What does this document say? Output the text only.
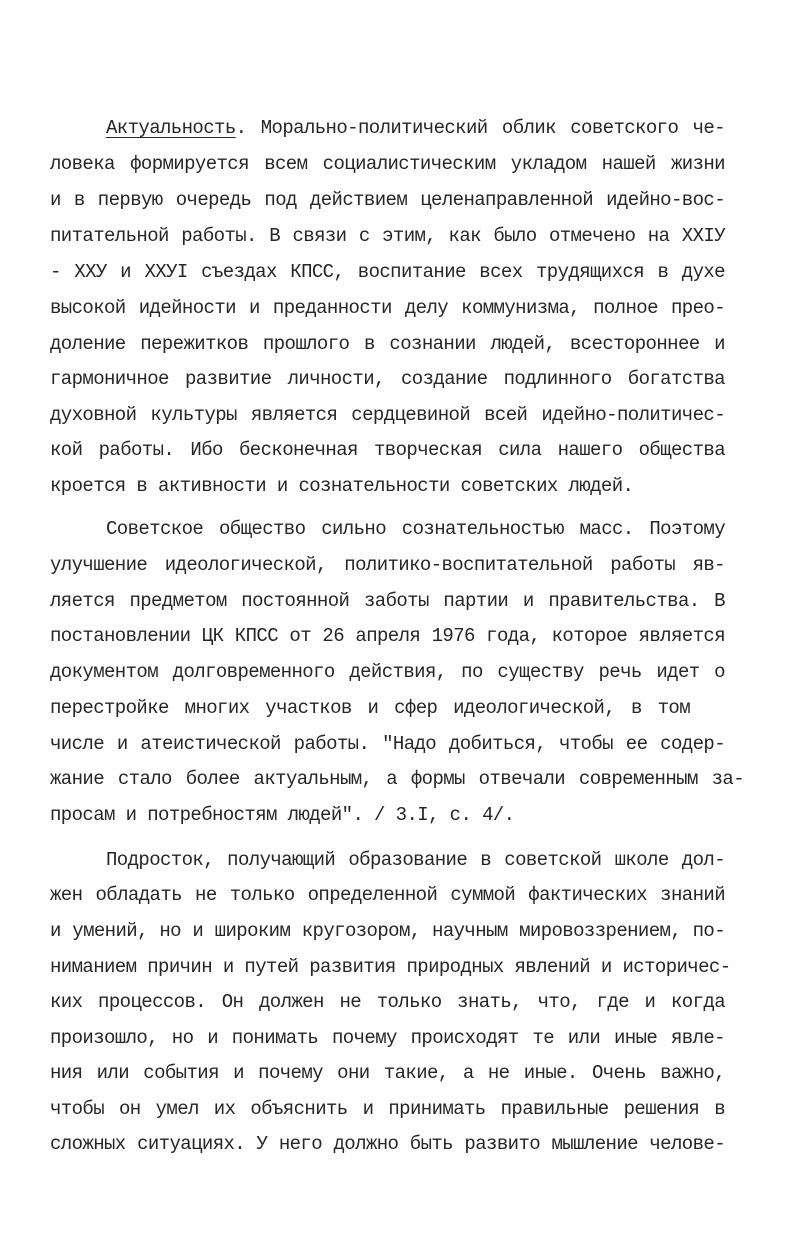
Актуальность. Морально-политический облик советского че-
ловека формируется всем социалистическим укладом нашей жизни
и в первую очередь под действием целенаправленной идейно-вос-
питательной работы. В связи с этим, как было отмечено на XXIУ
- XXУ и XXУI съездах КПСС, воспитание всех трудящихся в духе
высокой идейности и преданности делу коммунизма, полное прео-
доление пережитков прошлого в сознании людей, всестороннее и
гармоничное развитие личности, создание подлинного богатства
духовной культуры является сердцевиной всей идейно-политичес-
кой работы. Ибо бесконечная творческая сила нашего общества
кроется в активности и сознательности советских людей.
Советское общество сильно сознательностью масс. Поэтому
улучшение идеологической, политико-воспитательной работы яв-
ляется предметом постоянной заботы партии и правительства. В
постановлении ЦК КПСС от 26 апреля 1976 года, которое является
документом долговременного действия, по существу речь идет о
перестройке многих участков и сфер идеологической, в том
числе и атеистической работы. "Надо добиться, чтобы ее содер-
жание стало более актуальным, а формы отвечали современным за-
просам и потребностям людей". / 3.I, с. 4/.
Подросток, получающий образование в советской школе дол-
жен обладать не только определенной суммой фактических знаний
и умений, но и широким кругозором, научным мировоззрением, по-
ниманием причин и путей развития природных явлений и историчес-
ких процессов. Он должен не только знать, что, где и когда
произошло, но и понимать почему происходят те или иные явле-
ния или события и почему они такие, а не иные. Очень важно,
чтобы он умел их объяснить и принимать правильные решения в
сложных ситуациях. У него должно быть развито мышление челове-
